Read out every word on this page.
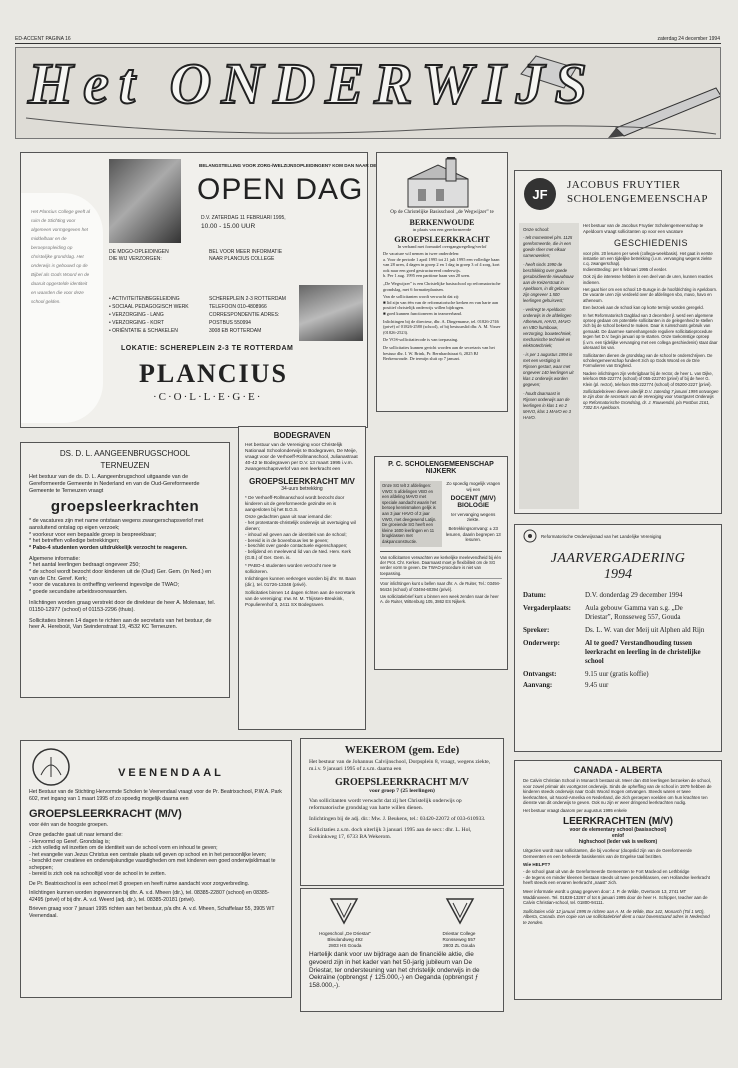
ED-ACCENT PAGINA 16	zaterdag 24 december 1994
Het ONDERWIJS
Het Plancius College geeft al ruim de Stichting voor algemeen vormgegeven het middelbaar en de beroepsopleiding op christelijke grondslag. Het onderwijs is gebouwd op de Bijbel als Gods Woord en de daaruit opgestelde identiteit en waarden die voor deze school gelden.
BELANGSTELLING VOOR ZORG-/WELZIJNSOPLEIDINGEN? KOM DAN NAAR DE
OPEN DAG
D.V. ZATERDAG 11 FEBRUARI 1995,
10.00 - 15.00 UUR
DE MDGO-OPLEIDINGEN
DIE WIJ VERZORGEN:
BEL VOOR MEER INFORMATIE
NAAR PLANCIUS COLLEGE
• ACTIVITEITENBEGELEIDING
• SOCIAAL PEDAGOGISCH WERK
• VERZORGING - LANG
• VERZORGING - KORT
• ORIËNTATIE & SCHAKELEN
SCHEREPLEIN 2-3 ROTTERDAM
TELEFOON 010-4808966
CORRESPONDENTIE ADRES:
POSTBUS 550994
3008 EB ROTTERDAM
LOKATIE: SCHEREPLEIN 2-3 TE ROTTERDAM
PLANCIUS
·C·O·L·L·E·G·E·
Op de Christelijke Basisschool „de Wegwijzer” te
BERKENWOUDE
in plaats van een gereformeerde
GROEPSLEERKRACHT
In verband met formatiel overgangsregeling/verlof
De vacature wil nemen in twee onderdelen:
a. Voor de periode 1 april 1995 tot 21 juli 1995 een volledige baan van 28 uren, 4 dagen in groep 2 en 1 dag in groep 3 of 4 zorg, kort ook naar een goed gestructureerd onderwijs.
b. Per 1 aug. 1995 een parttime baan van 20 uren.
„De Wegwijzer” is een Christelijke basisschool op reformatorische grondslag, met 6 formatieplaatsen.
Van de sollicitanten wordt verwacht dat zij:
■ lid zijn van één van de reformatorische kerken en van harte aan positief christelijk onderwijs willen bijdragen.
■ goed kunnen functioneren in teamverband.
Inlichtingen bij de directeur, dhr. A. Dingemanse, tel. 01826-2746 (privé) of 01826-2580 (school), of bij bestuurslid dhr. A. M. Visser (01826-2523).
De VOS-sollicitatiecode is van toepassing.
De sollicitaties kunnen gericht worden aan de secretaris van het bestuur dhr. I. W. Brink, Pr. Bernhardstraat 6, 2825 BJ Berkenwoude. De termijn sluit op 7 januari.
JF
JACOBUS FRUYTIER
SCHOLENGEMEENSCHAP
Onze school:
- telt momenteel plm. 1125 gereformeerde, die in een goede sfeer met elkaar samenwerken;
- heeft sinds 1990 de beschikking over goede gesubsidieerde nieuwbouw aan de Keizerstraat in Apeldoorn, in dit gebouw zijn ongeveer 1.500 leerlingen gehuisvest;
- verkregt te Apeldoorn onderwijs in de afdelingen Atheneum, HAVO, MAVO en VBO humbouw, verzorging, bouwtechniek, mechanische techniek en elektrotechniek;
- is per 1 augustus 1994 in met een vestiging in Rijssen gestart, waar met ongeveer 140 leerlingen uit klas 1 onderwijs worden gegeven;
- houdt daarnaast in Rijssen onderwijs aan de leerlingen in klas 1 en 2 MAVO, klas 1 MAVO en 3 HAVO.
Het bestuur van de Jacobus Fruytier Scholengemeenschap te Apeldoorn vraagt sollicitanten op voor een vacature
GESCHIEDENIS
voor plm. 20 lesuren per week (collega-weekbasis). Het gaat in eerste instantie om een tijdelijke betrekking (i.v.m. vervanging wegens ziekte c.q. zwangerschap).
Indiensttreding: per 6 februari 1995 of eerder.
Ook zij die interesse hebben in een deel van de uren, kunnen reacties indienen.
Het gaat hier om een school 10-Suruge in de hoofdrichting in Apeldoorn.
De vacante uren zijn verdeeld over de afdelingen vbo, mavo, havo en atheneum.
Een bezoek aan de school kan op korte termijn worden geregeld.
In het Reformatorisch Dagblad van 3 december jl. werd een algemene oproep gedaan om potentiële sollicitanten in de gelegenheid te stellen zich bij de school bekend te maken. Daar is ruimschoots gebruik van gemaakt. De daarmee samenhangende reguliere sollicitatieprocedure tegen het D.V. begin januari op te starten. Onze toekomstige oproep (i.v.m. een tijdelijke vervanging met een collega geschiedenis) staat daar uiteraard los van.
Sollicitanten dienen de grondslag van de school te onderschrijven. De scholengemeenschap fundeert zich op Gods Woord en de Drie Formulieren van Enigheid.
Nadere inlichtingen zijn verkrijgbaar bij de rector, de heer L. van Dijke, telefoon 055-222774 (school) of 055-222740 (privé) of bij de heer G. Klein (pl. rector), telefoon 055-222774 (school) of 05200-2227 (privé).
Sollicitatiebrieven dienen uiterlijk D.V. zaterdag 7 januari 1995 ontvangen te zijn door de secretaris van de Vereniging voor Voortgezet Onderwijs op Reformatorische Grondslag, dr. J. Rouwendal, p/a Postbus 2161, 7302 EA Apeldoorn.
DS. D. L. AANGEENBRUGSCHOOL
TERNEUZEN
Het bestuur van de ds. D. L. Aangeenbrugschool uitgaande van de Gereformeerde Gemeente in Nederland en van de Oud-Gereformeerde Gemeente te Terneuzen vraagt
groepsleerkrachten
* de vacatures zijn met name ontstaan wegens zwangerschapsverlof met aansluitend ontslag op eigen verzoek;
* voorkeur voor een bepaalde groep is bespreekbaar;
* het betreffen volledige betrekkingen;
* Pabo-4 studenten worden uitdrukkelijk verzocht te reageren.
Algemene informatie:
* het aantal leerlingen bedraagt ongeveer 250;
* de school wordt bezocht door kinderen uit de (Oud) Ger. Gem. (in Ned.) en van de Chr. Geref. Kerk;
* voor de vacatures is ontheffing verleend ingevolge de TWAO;
* goede secundaire arbeidsvoorwaarden.
Inlichtingen worden graag verstrekt door de direkteur de heer A. Molenaar, tel. 01150-12977 (school) of 01153-2296 (thuis).
Sollicitaties binnen 14 dagen te richten aan de secretaris van het bestuur, de heer A. Hereboút, Van Swindenstraat 19, 4532 KC Terneuzen.
BODEGRAVEN
Het bestuur van de Vereniging voor Christelijk Nationaal Schoolonderwijs te Bodegraven, De Meije, vraagt voor de Verhoeff-Rollmanschool, Julianastraat 40-42 te Bodegraven per D.V. 13 maart 1995 i.v.m. zwangerschapsverlof van een leerkracht een
GROEPSLEERKRACHT M/V
34-uurs betrekking
* De Verhoeff-Rollmanschool wordt bezocht door kinderen uit de gereformeerde gezindte en is aangesloten bij het B.G.S.
Onze gedachten gaan uit naar iemand die:
- het protestants-christelijk onderwijs uit overtuiging wil dienen;
- inhoud wil geven aan de identiteit van de school;
- bereid is in de bovenbouw les te geven;
- beschikt over goede contactuele eigenschappen;
- belijdend en meelevend lid van de Ned. Herv. Kerk (G.B.) of Ger. Gem. is.
* PABO-4 studenten worden verzocht mee te solliciteren.
Inlichtingen kunnen verkregen worden bij dhr. W. Baan (dir.), tel. 01726-13348 (privé).
Sollicitaties binnen 14 dagen richten aan de secretaris van de vereniging: mw. M. M. Thijssen-Breukink, Populierenhof 3, 2411 SX Bodegraven.
P. C. SCHOLENGEMEENSCHAP
NIJKERK
Onze SG telt 2 afdelingen: VWO: 5 afdelingen VBO en een afdeling MAVO met speciale aandacht waarin het beroep kennismaken gelijk is aan 3 jaar HAVO of 2 jaar VWO, met deegewend Latijn. De groeiende SG heeft een kleine 1600 leerlingen en 11 brugklassen met dakpanconstructie.
Zo spoedig mogelijk vragen wij een
DOCENT (M/V) BIOLOGIE
ter vervanging wegens ziekte.
Betrekkingsomvang: ± 23 lesuren, daarin begrepen 13 lesuren.
Van sollicitanten verwachten we kerkelijke meelevendheid bij één der Prot. Chr. Kerken. Daarnaast moet je flexibiliteit om de SG verder vorm te geven. De TWAO-procedure is niet van toepassing.
Voor inlichtingen kunt u bellen naar dhr. A. de Ruiter, Tel.: 03494-56434 (school) of 03494-60394 (privé).
Uw sollicitatiebrief kunt u binnen een week zenden naar de heer A. de Ruiter, Wittenburg 105, 3862 ES Nijkerk.
Reformatorische Onderwijsraad van het Landelijke Vereniging
JAARVERGADERING
1994
Datum:	D.V. donderdag 29 december 1994
Vergaderplaats:	Aula gebouw Gamma van s.g. „De Driestar”, Ronsseweg 557, Gouda
Spreker:	Ds. L. W. van der Meij uit Alphen ald Rijn
Onderwerp:	Al te goed? Verstandhouding tussen leerkracht en leerling in de christelijke school
Ontvangst:	9.15 uur (gratis koffie)
Aanvang:	9.45 uur
VEENENDAAL
Het Bestuur van de Stichting Hervormde Scholen te Veenendaal vraagt voor de Pr. Beatrixschool, P.W.A. Park 602, met ingang van 1 maart 1995 of zo spoedig mogelijk daarna een
GROEPSLEERKRACHT (M/V)
voor één van de hoogste groepen.
Onze gedachte gaat uit naar iemand die:
- Hervormd op Geref. Grondslag is;
- zich volledig wil inzetten om de identiteit van de school vorm en inhoud te geven;
- het evangelie van Jezus Christus een centrale plaats wil geven op school en in het persoonlijke leven;
- beschikt over creatieve en onderwijskundige vaardigheden om met kinderen een goed onderwijsklimaat te scheppen;
- bereid is zich ook na schooltijd voor de school in te zetten.
De Pr. Beatrixschool is een school met 8 groepen en heeft ruime aandacht voor zorgverbreding.
Inlichtingen kunnen worden ingewonnen bij dhr. A. v.d. Mheen (dir.), tel. 08385-22807 (school) en 08385-42495 (privé) of bij dhr. A. v.d. Weerd (adj. dir.), tel. 08385-20181 (privé).
Brieven graag voor 7 januari 1995 richten aan het bestuur, p/a dhr. A. v.d. Mheen, Schaffelaar 55, 3905 WT Veenendaal.
WEKEROM (gem. Ede)
Het bestuur van de Johannus Calvijnschool, Dorpsplein 8, vraagt, wegens ziekte, m.i.v. 9 januari 1995 of z.s.m. daarna een
GROEPSLEERKRACHT M/V
voor groep 7 (25 leerlingen)
Van sollicitanten wordt verwacht dat zij het Christelijk onderwijs op reformatorische grondslag van harte willen dienen.
Inlichtingen bij de adj. dir.: Mw. J. Beukens, tel.: 03420-22072 of 033-610933.
Sollicitaties z.s.m. doch uiterlijk 3 januari 1995 aan de secr.: dhr. L. Hol, Evekinkweg 17, 6733 BA Wekerom.
Hogeschool „De Driestar”
Bleulandweg 492
2803 HS Gouda
Driestar College
Ronsseweg 557
2803 ZL Gouda
Hartelijk dank voor uw bijdrage aan de financiële aktie, die gevoerd zijn in het kader van het 50-jarig jubileum van De Driestar, ter ondersteuning van het christelijk onderwijs in de Oekraïne (opbrengst ƒ 125.000,-) en Oeganda (opbrengst ƒ 158.000,-).
CANADA - ALBERTA
De Calvin Christian School in Monarch bestaat uit. Meer dan 450 leerlingen bezoeken de school, voor zowel primair als voortgezet onderwijs. Sinds de opheffing van de school in 1979 hebben de kinderen steeds onderwijs naar Gods Woord mogen ontvangen. Steeds waren er twee leerkrachten, uit Noord-Amerika en Nederland, die zich geroepen voelden om hun krachten ten dienste van dit onderwijs te geven. Ook nu zijn er weer dringend leerkrachten nodig.
Het bestuur vraagt daarom per augustus 1995 enkele
LEERKRACHTEN (M/V)
voor de elementary school (basisschool)
en/of
highschool (leder vak is welkom)
Uitgezien wordt naar sollicitanten, die bij voorkeur (doopslid zijn van de Gereformeerde Gemeenten en een beheerde basiskennis van de Engelse taal bezitten.
Wie HELPT?
- de school gaat uit van de Gereformeerde Gemeenten te Fort Macleod en Lethbridge
- de tegens en minder kleenen bestaan steeds uit twee pendelklassen, een Hollandse leerkracht heeft steeds een ervaren leerkracht „naast” zich.
Meer informatie wordt u graag gegeven door: J. P. de Wilde, Overtoom 13, 2741 MT Waddinxveen. Tel. 01828-13267 of tot 6 januari 1995 door de heer H. Schipper, teacher aan de Calvin Christian-school, tel. 01800-94111.
Sollicitaties vóór 12 januari 1995 te richten aan A. M. de Wilde, Box 142, Monarch (Tol 1 MO), Alberta, Canada. Een copie van uw sollicitatiebrief dient u naar bovenstaand adres in Nederland te zenden.
